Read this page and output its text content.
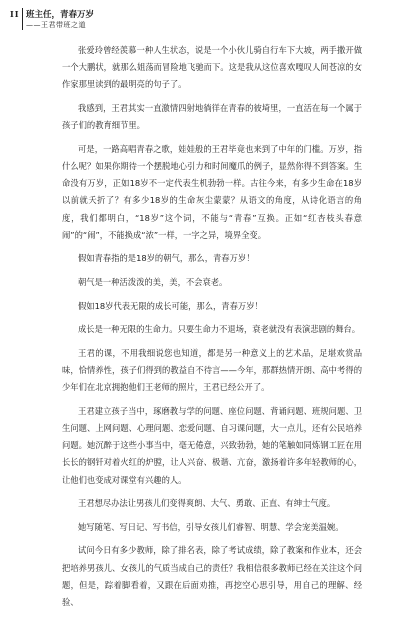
II 班主任，青春万岁
——王君带班之道

张爱玲曾经羡慕一种人生状态，说是一个小伙儿骑自行车下大坡，两手撒开做一个大鹏状，就那么姐荡而冒险地飞驰而下。这是我从这位喜欢嘎叹人间苍凉的女作家那里读到的最明亮的句子了。

我感到，王君其实一直激情四射地徜徉在青春的彼埼里，一直活在每一个属于孩子们的教育细节里。

可是，一路高唱青春之歌，娃娃般的王君毕竟也来到了中年的门槛。万岁，指什么呢？如果你期待一个摆脱地心引力和时间魔爪的例子，显然你得不到答案。生命没有万岁，正如18岁不一定代表生机勃勃一样。古往今来，有多少生命在18岁以前就夭折了？有多少18岁的生命灰尘蒙蒙？从语文的角度，从诗化语言的角度，我们都明白，“18岁”这个词，不能与“青春”互换。正如“红杏枝头春意闹”的“闹”，不能换成“浓”一样，一字之异，境界全变。

假如青春指的是18岁的朝气，那么，青春万岁！

朝气是一种活泼泼的美，美，不会衰老。

假如18岁代表无限的成长可能，那么，青春万岁！

成长是一种无限的生命力。只要生命力不退场，衰老就没有表演悲剧的舞台。

王君的课，不用我细说您也知道，都是另一种意义上的艺术品，足堪欢赏品味，恰情养性，孩子们得到的教益自不待言——今年，那群热情开朗、高中考得的少年们在北京拥抱他们王老师的照片，王君已经公开了。

王君建立孩子当中，琢磨教与学的问题、座位问题、背诵问题、班规问题、卫生问题、上网问题、心理问题、恋爱问题、自习课问题，大一点儿，还有公民培养问题。她沉醉于这些小事当中，毫无倦意，兴致勃勃，她的笔触如同炼钢工匠在用长长的钢钎对着火红的炉膛，让人兴奋、极谐、亢奋，激扬着许多年轻教师的心，让他们也变成对课堂有兴趣的人。

王君想尽办法让男孩儿们变得爽朗、大气、勇敢、正直、有绅士气度。

她写随笔、写日记、写书信，引导女孩儿们睿智、明慧、学会宠美温婉。

试问今日有多少教师，除了排名表，除了考试成绩，除了教案和作业本，还会把培养男孩儿、女孩儿的气质当成自己的责任？我相信很多教师已经在关注这个问题，但是，踪着脚看着，又跟在后面劝推，再挖空心思引导，用自己的理解、经验、
